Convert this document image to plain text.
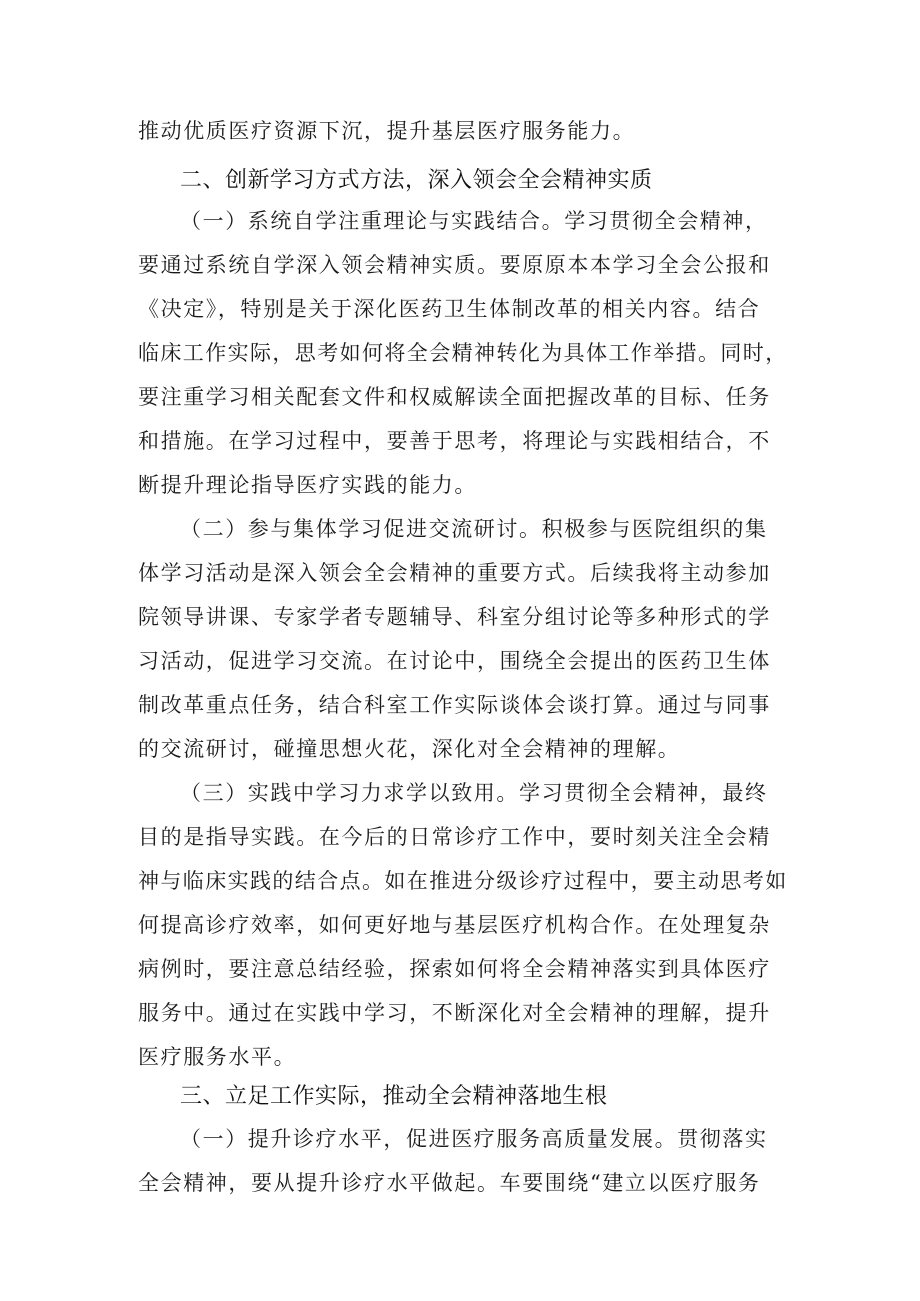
推动优质医疗资源下沉，提升基层医疗服务能力。
二、创新学习方式方法，深入领会全会精神实质
（一）系统自学注重理论与实践结合。学习贯彻全会精神，
要通过系统自学深入领会精神实质。要原原本本学习全会公报和
《决定》，特别是关于深化医药卫生体制改革的相关内容。结合
临床工作实际，思考如何将全会精神转化为具体工作举措。同时，
要注重学习相关配套文件和权威解读全面把握改革的目标、任务
和措施。在学习过程中，要善于思考，将理论与实践相结合，不
断提升理论指导医疗实践的能力。
（二）参与集体学习促进交流研讨。积极参与医院组织的集
体学习活动是深入领会全会精神的重要方式。后续我将主动参加
院领导讲课、专家学者专题辅导、科室分组讨论等多种形式的学
习活动，促进学习交流。在讨论中，围绕全会提出的医药卫生体
制改革重点任务，结合科室工作实际谈体会谈打算。通过与同事
的交流研讨，碰撞思想火花，深化对全会精神的理解。
（三）实践中学习力求学以致用。学习贯彻全会精神，最终
目的是指导实践。在今后的日常诊疗工作中，要时刻关注全会精
神与临床实践的结合点。如在推进分级诊疗过程中，要主动思考如
何提高诊疗效率，如何更好地与基层医疗机构合作。在处理复杂
病例时，要注意总结经验，探索如何将全会精神落实到具体医疗
服务中。通过在实践中学习，不断深化对全会精神的理解，提升
医疗服务水平。
三、立足工作实际，推动全会精神落地生根
（一）提升诊疗水平，促进医疗服务高质量发展。贯彻落实
全会精神，要从提升诊疗水平做起。车要围绕“建立以医疗服务
